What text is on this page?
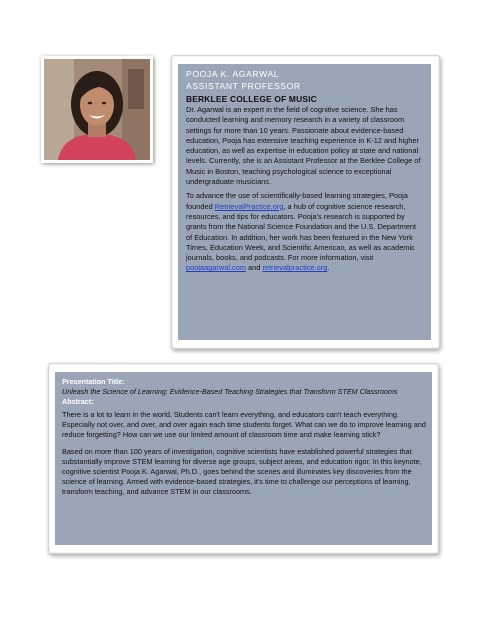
POOJA K. AGARWAL
ASSISTANT PROFESSOR
BERKLEE COLLEGE OF MUSIC

Dr. Agarwal is an expert in the field of cognitive science. She has conducted learning and memory research in a variety of classroom settings for more than 10 years. Passionate about evidence-based education, Pooja has extensive teaching experience in K-12 and higher education, as well as expertise in education policy at state and national levels. Currently, she is an Assistant Professor at the Berklee College of Music in Boston, teaching psychological science to exceptional undergraduate musicians.

To advance the use of scientifically-based learning strategies, Pooja founded RetrievalPractice.org, a hub of cognitive science research, resources, and tips for educators. Pooja's research is supported by grants from the National Science Foundation and the U.S. Department of Education. In addition, her work has been featured in the New York Times, Education Week, and Scientific American, as well as academic journals, books, and podcasts. For more information, visit poojaagarwal.com and retrievalpractice.org.

Presentation Title:
Unleash the Science of Learning: Evidence-Based Teaching Strategies that Transform STEM Classrooms
Abstract:

There is a lot to learn in the world. Students can't learn everything, and educators can't teach everything. Especially not over, and over, and over again each time students forget. What can we do to improve learning and reduce forgetting? How can we use our limited amount of classroom time and make learning stick?

Based on more than 100 years of investigation, cognitive scientists have established powerful strategies that substantially improve STEM learning for diverse age groups, subject areas, and education rigor. In this keynote, cognitive scientist Pooja K. Agarwal, Ph.D., goes behind the scenes and illuminates key discoveries from the science of learning. Armed with evidence-based strategies, it's time to challenge our perceptions of learning, transform teaching, and advance STEM in our classrooms.
